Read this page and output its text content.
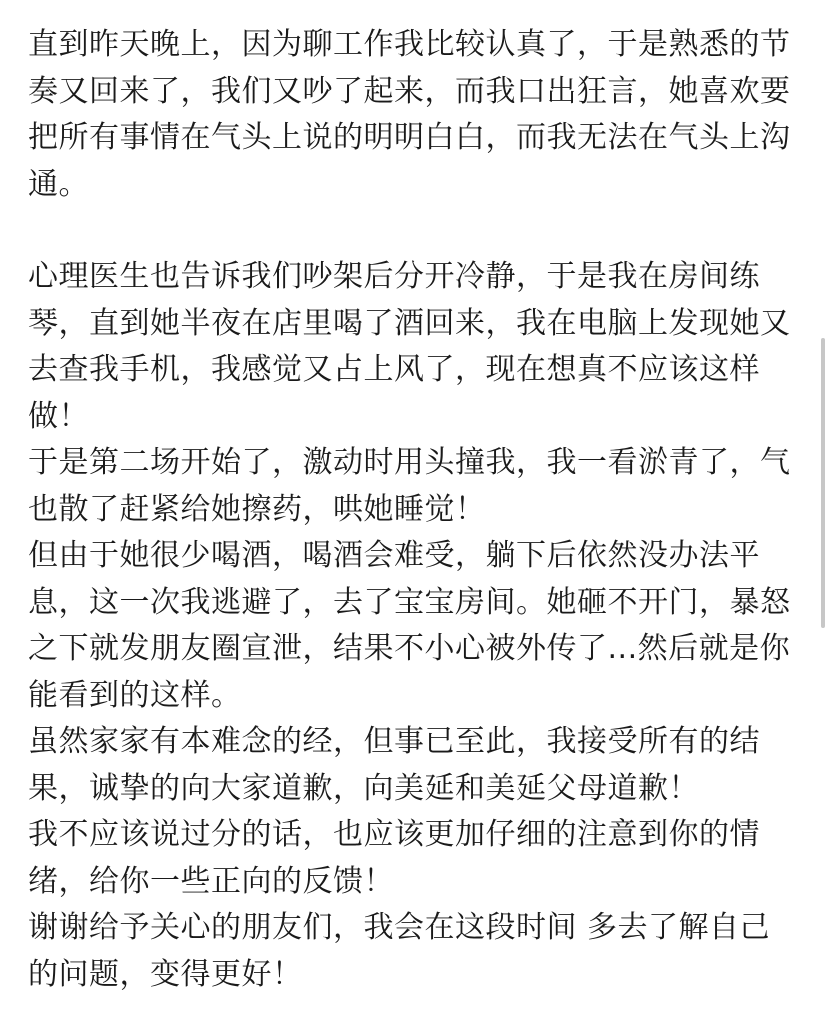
直到昨天晚上，因为聊工作我比较认真了，于是熟悉的节奏又回来了，我们又吵了起来，而我口出狂言，她喜欢要把所有事情在气头上说的明明白白，而我无法在气头上沟通。

心理医生也告诉我们吵架后分开冷静，于是我在房间练琴，直到她半夜在店里喝了酒回来，我在电脑上发现她又去查我手机，我感觉又占上风了，现在想真不应该这样做！

于是第二场开始了，激动时用头撞我，我一看淤青了，气也散了赶紧给她擦药，哄她睡觉！

但由于她很少喝酒，喝酒会难受，躺下后依然没办法平息，这一次我逃避了，去了宝宝房间。她砸不开门，暴怒之下就发朋友圈宣泄，结果不小心被外传了...然后就是你能看到的这样。

虽然家家有本难念的经，但事已至此，我接受所有的结果，诚挚的向大家道歉，向美延和美延父母道歉！

我不应该说过分的话，也应该更加仔细的注意到你的情绪，给你一些正向的反馈！

谢谢给予关心的朋友们，我会在这段时间 多去了解自己的问题，变得更好！
